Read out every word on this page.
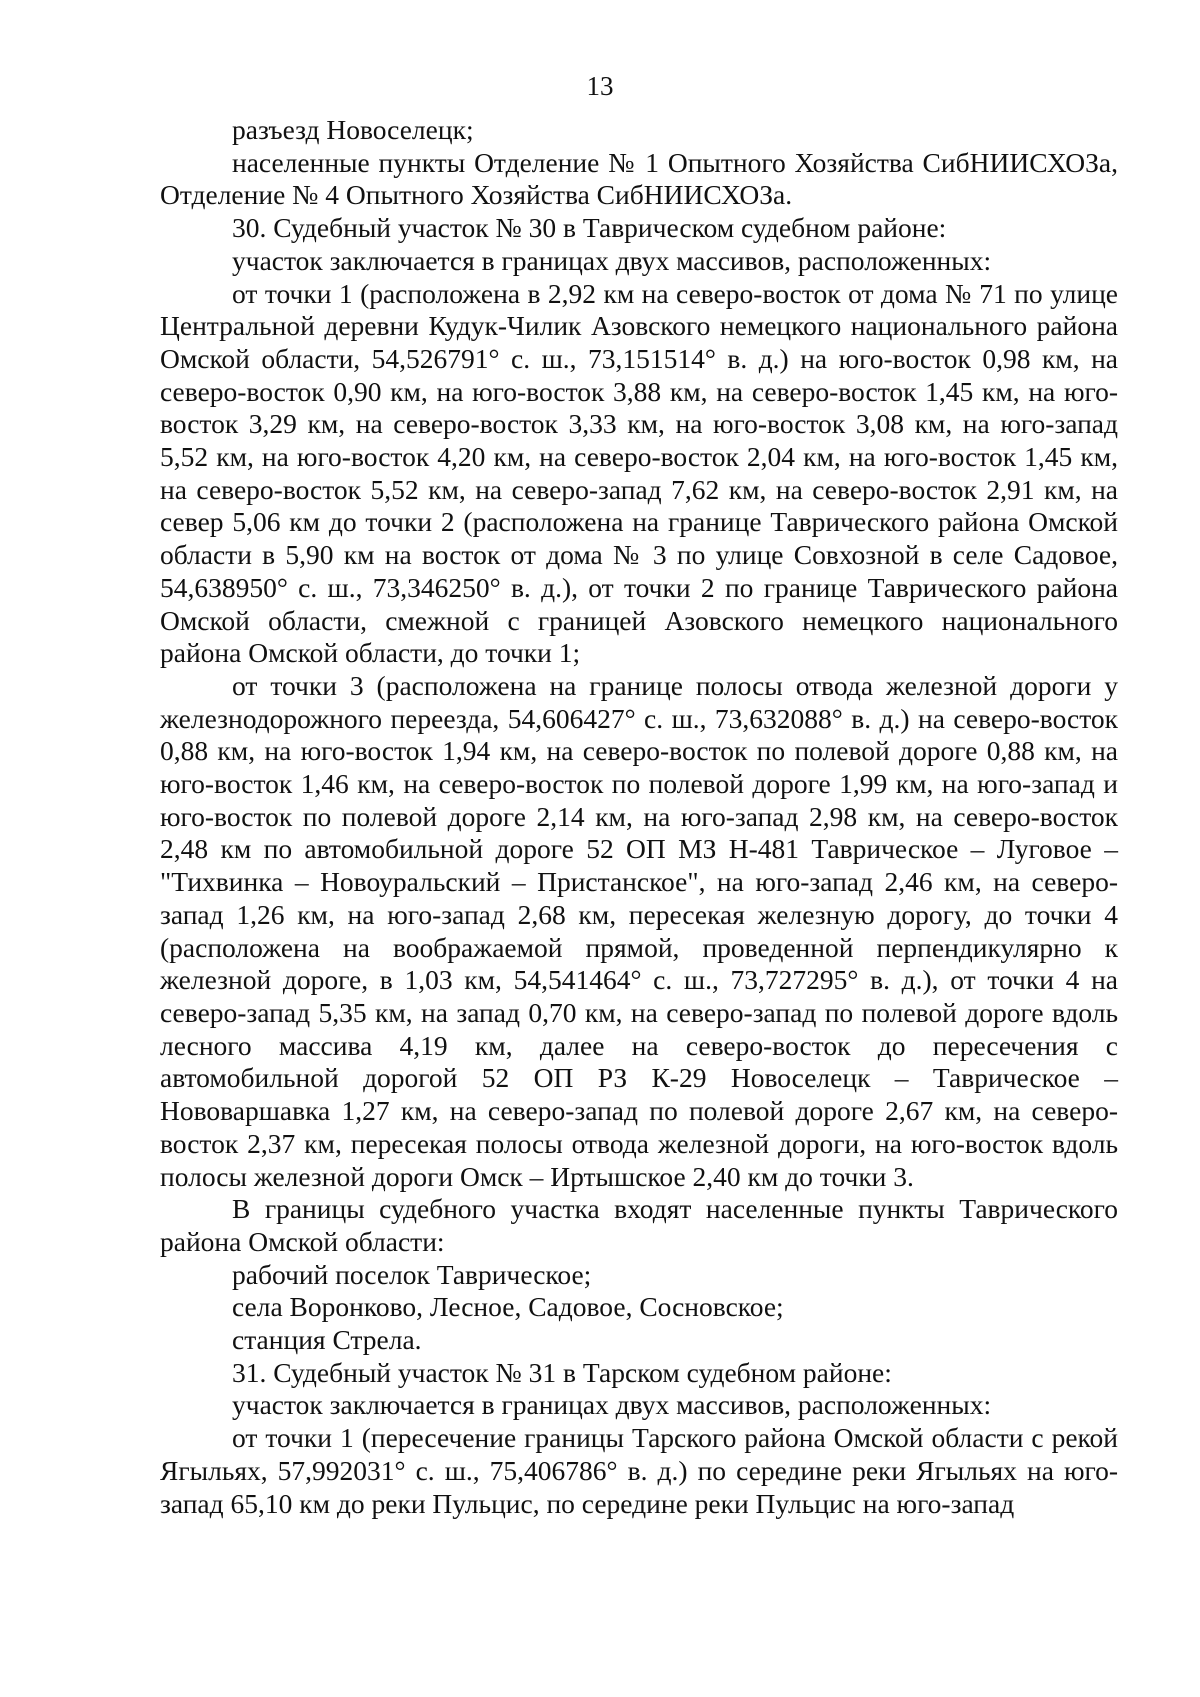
13

разъезд Новоселецк;

населенные пункты Отделение № 1 Опытного Хозяйства СибНИИСХОЗа, Отделение № 4 Опытного Хозяйства СибНИИСХОЗа.

30. Судебный участок № 30 в Таврическом судебном районе:

участок заключается в границах двух массивов, расположенных:

от точки 1 (расположена в 2,92 км на северо-восток от дома № 71 по улице Центральной деревни Кудук-Чилик Азовского немецкого национального района Омской области, 54,526791° с. ш., 73,151514° в. д.) на юго-восток 0,98 км, на северо-восток 0,90 км, на юго-восток 3,88 км, на северо-восток 1,45 км, на юго-восток 3,29 км, на северо-восток 3,33 км, на юго-восток 3,08 км, на юго-запад 5,52 км, на юго-восток 4,20 км, на северо-восток 2,04 км, на юго-восток 1,45 км, на северо-восток 5,52 км, на северо-запад 7,62 км, на северо-восток 2,91 км, на север 5,06 км до точки 2 (расположена на границе Таврического района Омской области в 5,90 км на восток от дома № 3 по улице Совхозной в селе Садовое, 54,638950° с. ш., 73,346250° в. д.), от точки 2 по границе Таврического района Омской области, смежной с границей Азовского немецкого национального района Омской области, до точки 1;

от точки 3 (расположена на границе полосы отвода железной дороги у железнодорожного переезда, 54,606427° с. ш., 73,632088° в. д.) на северо-восток 0,88 км, на юго-восток 1,94 км, на северо-восток по полевой дороге 0,88 км, на юго-восток 1,46 км, на северо-восток по полевой дороге 1,99 км, на юго-запад и юго-восток по полевой дороге 2,14 км, на юго-запад 2,98 км, на северо-восток 2,48 км по автомобильной дороге 52 ОП МЗ Н-481 Таврическое – Луговое – "Тихвинка – Новоуральский – Пристанское", на юго-запад 2,46 км, на северо-запад 1,26 км, на юго-запад 2,68 км, пересекая железную дорогу, до точки 4 (расположена на воображаемой прямой, проведенной перпендикулярно к железной дороге, в 1,03 км, 54,541464° с. ш., 73,727295° в. д.), от точки 4 на северо-запад 5,35 км, на запад 0,70 км, на северо-запад по полевой дороге вдоль лесного массива 4,19 км, далее на северо-восток до пересечения с автомобильной дорогой 52 ОП РЗ К-29 Новоселецк – Таврическое – Нововаршавка 1,27 км, на северо-запад по полевой дороге 2,67 км, на северо-восток 2,37 км, пересекая полосы отвода железной дороги, на юго-восток вдоль полосы железной дороги Омск – Иртышское 2,40 км до точки 3.

В границы судебного участка входят населенные пункты Таврического района Омской области:

рабочий поселок Таврическое;

села Воронково, Лесное, Садовое, Сосновское;

станция Стрела.

31. Судебный участок № 31 в Тарском судебном районе:

участок заключается в границах двух массивов, расположенных:

от точки 1 (пересечение границы Тарского района Омской области с рекой Ягыльях, 57,992031° с. ш., 75,406786° в. д.) по середине реки Ягыльях на юго-запад 65,10 км до реки Пульцис, по середине реки Пульцис на юго-запад
